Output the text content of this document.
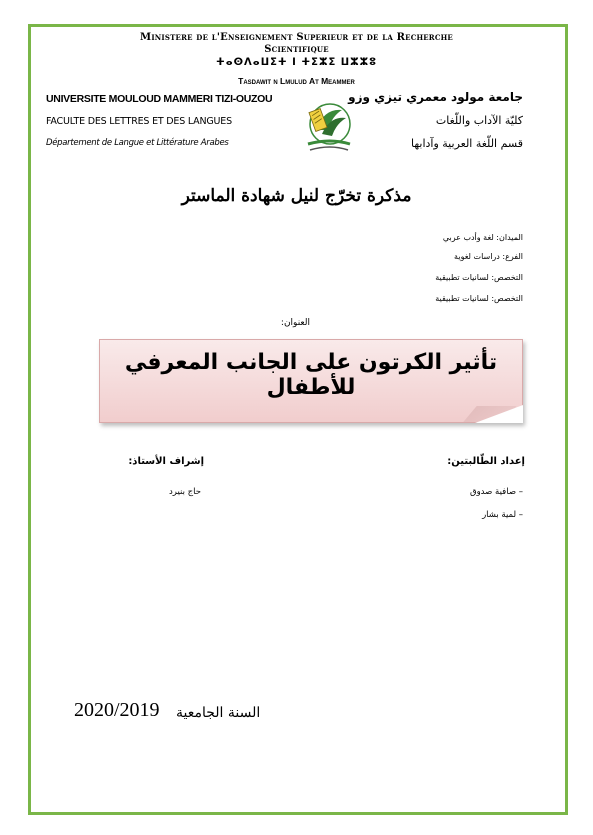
Ministere de l'Enseignement Superieur et de la Recherche
Scientifique
ⵜⴰⵙⴷⴰⵡⵉⵜ ⵏ ⵜⵉⵣⵉ ⵡⵣⵣⵓ
Tasdawit n Lmulud At Meammer
UNIVERSITE MOULOUD MAMMERI TIZI-OUZOU
FACULTE DES LETTRES ET DES LANGUES
Département de Langue et Littérature Arabes
جامعة مولود معمري تيزي وزو
كليّة الآداب واللّغات
قسم اللّغة العربية وآدابها
مذكرة تخرّج لنيل شهادة الماستر
الميدان: لغة وأدب عربي
الفرع: دراسات لغوية
التخصص: لسانيات تطبيقية
التخصص: لسانيات تطبيقية
العنوان:
تأثير الكرتون على الجانب المعرفي للأطفال
إعداد الطّالبتين:
إشراف الأستاذ:
– صافية صدوق
– لمية بشار
حاج بنيرد
السنة الجامعية
2020/2019
